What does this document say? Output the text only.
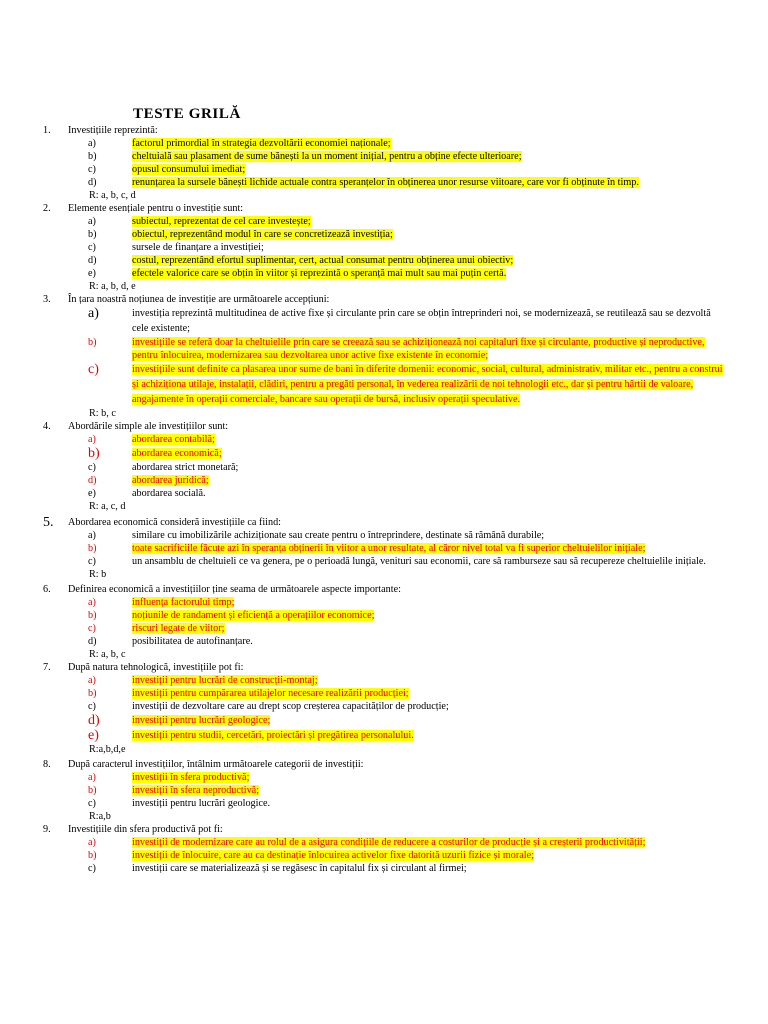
TESTE GRILĂ
1. Investițiile reprezintă:
a)	factorul primordial în strategia dezvoltării economiei naționale;
b)	cheltuială sau plasament de sume bănești la un moment inițial, pentru a obține efecte ulterioare;
c)	opusul consumului imediat;
d)	renunțarea la sursele bănești lichide actuale contra speranțelor în obținerea unor resurse viitoare, care vor fi obținute în timp.
R: a, b, c, d
2. Elemente esențiale pentru o investiție sunt:
a)	subiectul, reprezentat de cel care investește;
b)	obiectul, reprezentând modul în care se concretizează investiția;
c)	sursele de finanțare a investiției;
d)	costul, reprezentând efortul suplimentar, cert, actual consumat pentru obținerea unui obiectiv;
e)	efectele valorice care se obțin în viitor și reprezintă o speranță mai mult sau mai puțin certă.
R: a, b, d, e
3. În țara noastră noțiunea de investiție are următoarele accepțiuni:
a)	investiția reprezintă multitudinea de active fixe și circulante prin care se obțin întreprinderi noi, se modernizează, se reutilează sau se dezvoltă cele existente;
b)	investițiile se referă doar la cheltuielile prin care se creează sau se achiziționează noi capitaluri fixe și circulante, productive și neproductive, pentru înlocuirea, modernizarea sau dezvoltarea unor active fixe existente în economie;
c)	investițiile sunt definite ca plasarea unor sume de bani în diferite domenii: economic, social, cultural, administrativ, militar etc., pentru a construi și achiziționa utilaje, instalații, clădiri, pentru a pregăti personal, în vederea realizării de noi tehnologii etc., dar și pentru hârtii de valoare, angajamente în operații comerciale, bancare sau operații de bursă, inclusiv operații speculative.
R: b, c
4. Abordările simple ale investițiilor sunt:
a)	abordarea contabilă;
b)	abordarea economică;
c)	abordarea strict monetară;
d)	abordarea juridică;
e)	abordarea socială.
R: a, c, d
5. Abordarea economică consideră investițiile ca fiind:
a)	similare cu imobilizările achiziționate sau create pentru o întreprindere, destinate să rămână durabile;
b)	toate sacrificiile făcute azi în speranța obținerii în viitor a unor resultate, al căror nivel total va fi superior cheltuielilor inițiale;
c)	un ansamblu de cheltuieli ce va genera, pe o perioadă lungă, venituri sau economii, care să ramburseze sau să recupereze cheltuielile inițiale.
R: b
6. Definirea economică a investițiilor ține seama de următoarele aspecte importante:
a)	influența factorului timp;
b)	noțiunile de randament și eficiență a operațiilor economice;
c)	riscuri legate de viitor;
d)	posibilitatea de autofinanțare.
R: a, b, c
7. După natura tehnologică, investițiile pot fi:
a)	investiții pentru lucrări de construcții-montaj;
b)	investiții pentru cumpărarea utilajelor necesare realizării producției;
c)	investiții de dezvoltare care au drept scop creșterea capacităților de producție;
d)	investiții pentru lucrări geologice;
e)	investiții pentru studii, cercetări, proiectări și pregătirea personalului.
R:a,b,d,e
8. După caracterul investițiilor, întâlnim următoarele categorii de investiții:
a)	investiții în sfera productivă;
b)	investiții în sfera neproductivă;
c)	investiții pentru lucrări geologice.
R:a,b
9. Investițiile din sfera productivă pot fi:
a)	investiții de modernizare care au rolul de a asigura condițiile de reducere a costurilor de producție și a creșterii productivității;
b)	investiții de înlocuire, care au ca destinație înlocuirea activelor fixe datorită uzurii fizice și morale;
c)	investiții care se materializează și se regăsesc în capitalul fix și circulant al firmei;
